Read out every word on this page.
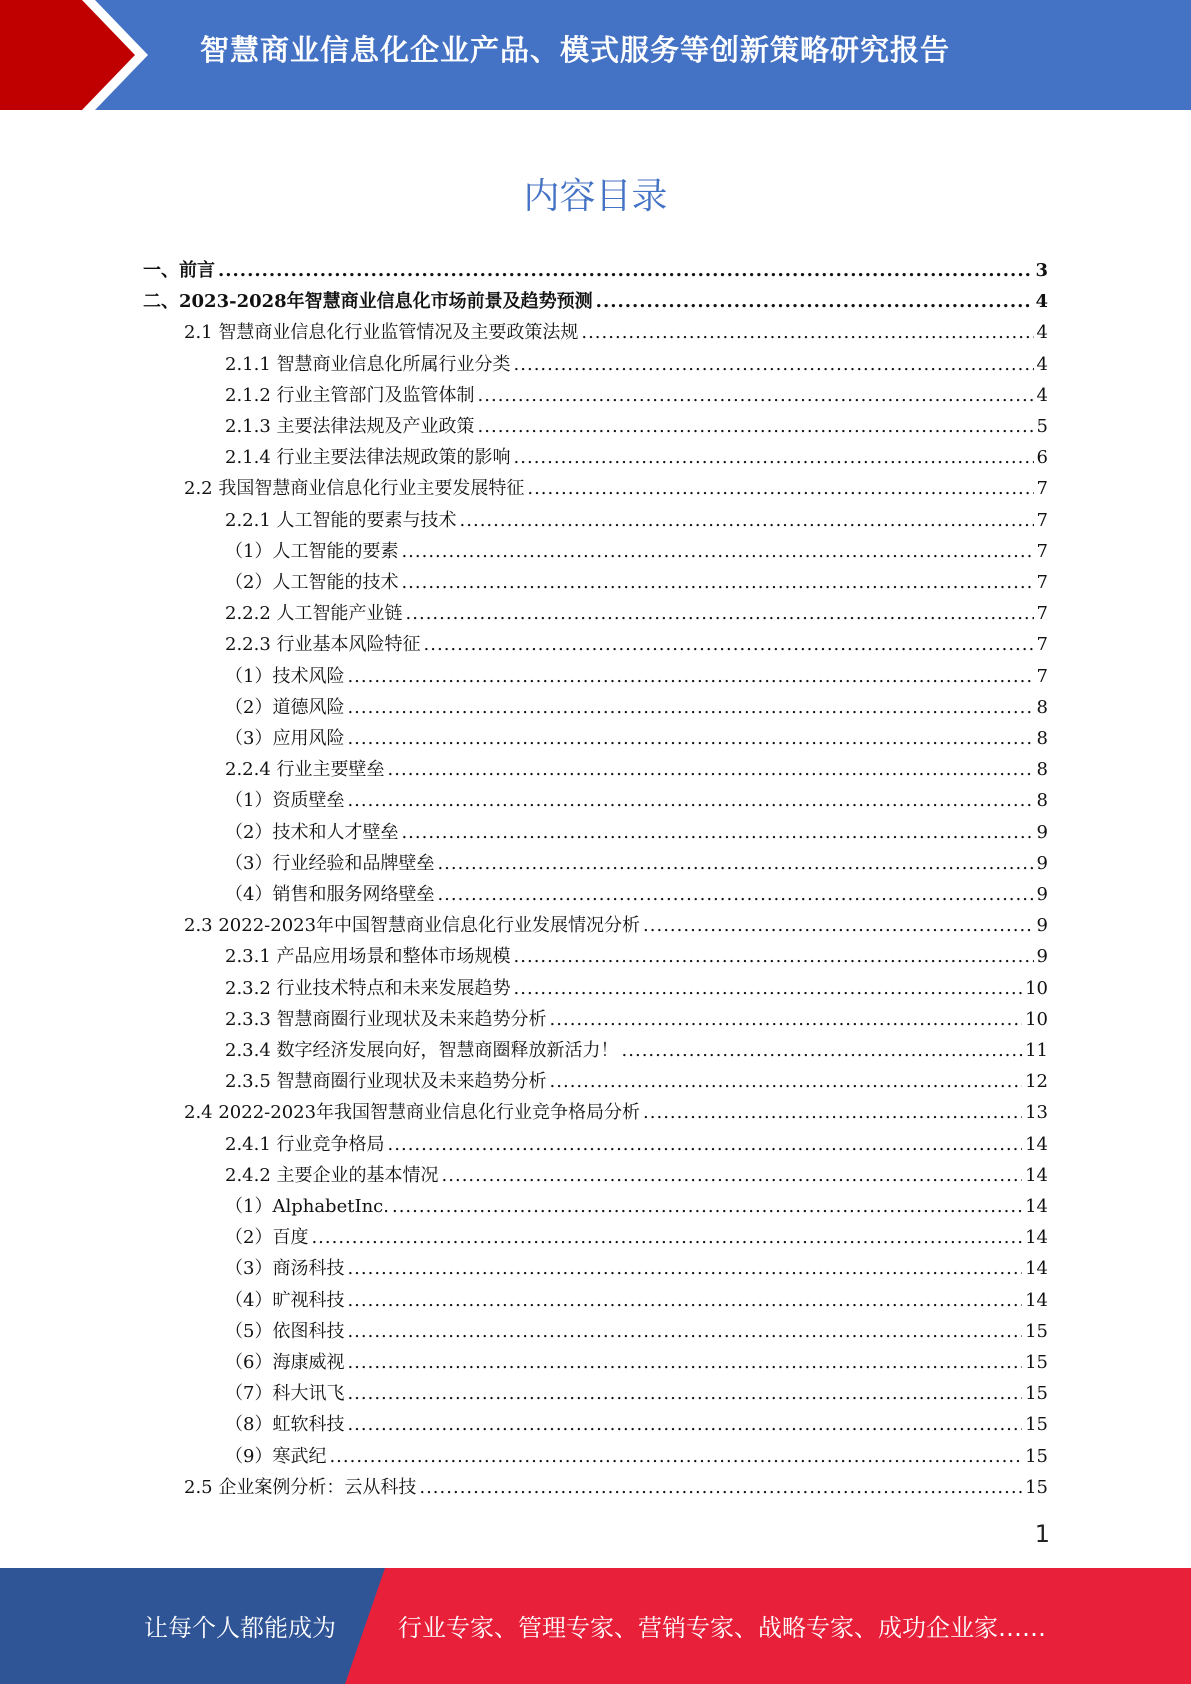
智慧商业信息化企业产品、模式服务等创新策略研究报告
内容目录
一、前言 .....	3
二、2023-2028年智慧商业信息化市场前景及趋势预测 .....	4
2.1 智慧商业信息化行业监管情况及主要政策法规 .....	4
2.1.1 智慧商业信息化所属行业分类 .....	4
2.1.2 行业主管部门及监管体制 .....	4
2.1.3 主要法律法规及产业政策 .....	5
2.1.4 行业主要法律法规政策的影响 .....	6
2.2 我国智慧商业信息化行业主要发展特征 .....	7
2.2.1 人工智能的要素与技术 .....	7
（1）人工智能的要素 .....	7
（2）人工智能的技术 .....	7
2.2.2 人工智能产业链 .....	7
2.2.3 行业基本风险特征 .....	7
（1）技术风险 .....	7
（2）道德风险 .....	8
（3）应用风险 .....	8
2.2.4 行业主要壁垒 .....	8
（1）资质壁垒 .....	8
（2）技术和人才壁垒 .....	9
（3）行业经验和品牌壁垒 .....	9
（4）销售和服务网络壁垒 .....	9
2.3 2022-2023年中国智慧商业信息化行业发展情况分析 .....	9
2.3.1 产品应用场景和整体市场规模 .....	9
2.3.2 行业技术特点和未来发展趋势 .....	10
2.3.3 智慧商圈行业现状及未来趋势分析 .....	10
2.3.4 数字经济发展向好，智慧商圈释放新活力！ .....	11
2.3.5 智慧商圈行业现状及未来趋势分析 .....	12
2.4 2022-2023年我国智慧商业信息化行业竞争格局分析 .....	13
2.4.1 行业竞争格局 .....	14
2.4.2 主要企业的基本情况 .....	14
（1）AlphabetInc. .....	14
（2）百度 .....	14
（3）商汤科技 .....	14
（4）旷视科技 .....	14
（5）依图科技 .....	15
（6）海康威视 .....	15
（7）科大讯飞 .....	15
（8）虹软科技 .....	15
（9）寒武纪 .....	15
2.5 企业案例分析：云从科技 .....	15
1
让每个人都能成为	行业专家、管理专家、营销专家、战略专家、成功企业家……
